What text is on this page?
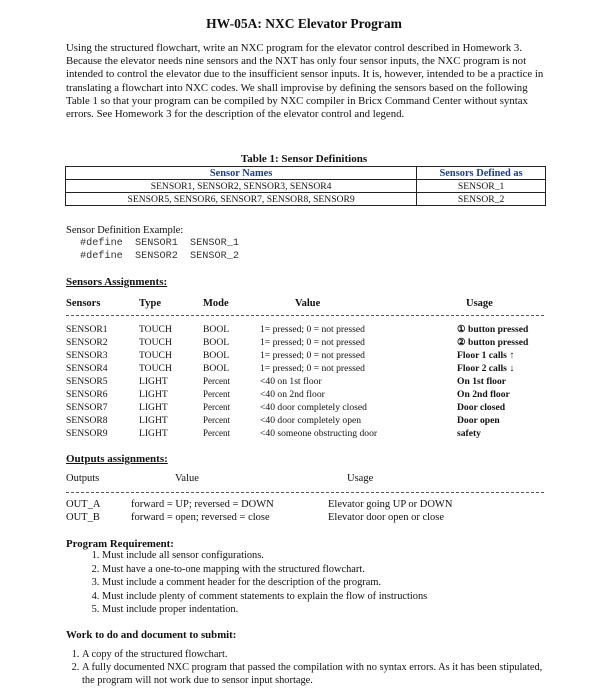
HW-05A: NXC Elevator Program
Using the structured flowchart, write an NXC program for the elevator control described in Homework 3. Because the elevator needs nine sensors and the NXT has only four sensor inputs, the NXC program is not intended to control the elevator due to the insufficient sensor inputs. It is, however, intended to be a practice in translating a flowchart into NXC codes. We shall improvise by defining the sensors based on the following Table 1 so that your program can be compiled by NXC compiler in Bricx Command Center without syntax errors. See Homework 3 for the description of the elevator control and legend.
Table 1: Sensor Definitions
Sensor Names	Sensors Defined as
SENSOR1, SENSOR2, SENSOR3, SENSOR4	SENSOR_1
SENSOR5, SENSOR6, SENSOR7, SENSOR8, SENSOR9	SENSOR_2
Sensor Definition Example:
#define  SENSOR1  SENSOR_1
#define  SENSOR2  SENSOR_2
Sensors Assignments:
Sensors	Type	Mode	Value	Usage
SENSOR1	TOUCH	BOOL	1= pressed; 0 = not pressed	① button pressed
SENSOR2	TOUCH	BOOL	1= pressed; 0 = not pressed	② button pressed
SENSOR3	TOUCH	BOOL	1= pressed; 0 = not pressed	Floor 1 calls ↑
SENSOR4	TOUCH	BOOL	1= pressed; 0 = not pressed	Floor 2 calls ↓
SENSOR5	LIGHT	Percent	<40 on 1st floor	On 1st floor
SENSOR6	LIGHT	Percent	<40 on 2nd floor	On 2nd floor
SENSOR7	LIGHT	Percent	<40 door completely closed	Door closed
SENSOR8	LIGHT	Percent	<40 door completely open	Door open
SENSOR9	LIGHT	Percent	<40 someone obstructing door	safety
Outputs assignments:
Outputs	Value	Usage
OUT_A	forward = UP; reversed = DOWN	Elevator going UP or DOWN
OUT_B	forward = open; reversed = close	Elevator door open or close
Program Requirement:
1. Must include all sensor configurations.
2. Must have a one-to-one mapping with the structured flowchart.
3. Must include a comment header for the description of the program.
4. Must include plenty of comment statements to explain the flow of instructions
5. Must include proper indentation.
Work to do and document to submit:
1. A copy of the structured flowchart.
2. A fully documented NXC program that passed the compilation with no syntax errors. As it has been stipulated, the program will not work due to sensor input shortage.
